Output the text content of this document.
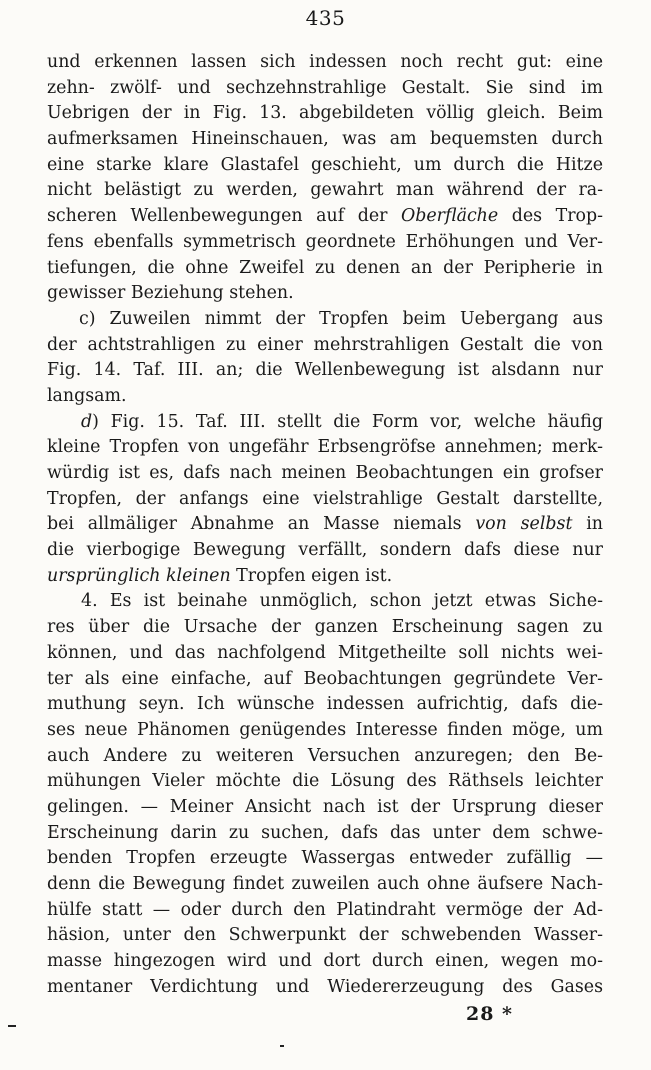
435
und erkennen lassen sich indessen noch recht gut: eine
zehn- zwölf- und sechzehnstrahlige Gestalt. Sie sind im
Uebrigen der in Fig. 13. abgebildeten völlig gleich. Beim
aufmerksamen Hineinschauen, was am bequemsten durch
eine starke klare Glastafel geschieht, um durch die Hitze
nicht belästigt zu werden, gewahrt man während der ra-
scheren Wellenbewegungen auf der Oberfläche des Trop-
fens ebenfalls symmetrisch geordnete Erhöhungen und Ver-
tiefungen, die ohne Zweifel zu denen an der Peripherie in
gewisser Beziehung stehen.
c) Zuweilen nimmt der Tropfen beim Uebergang aus
der achtstrahligen zu einer mehrstrahligen Gestalt die von
Fig. 14. Taf. III. an; die Wellenbewegung ist alsdann nur
langsam.
d) Fig. 15. Taf. III. stellt die Form vor, welche häufig
kleine Tropfen von ungefähr Erbsengröfse annehmen; merk-
würdig ist es, dafs nach meinen Beobachtungen ein grofser
Tropfen, der anfangs eine vielstrahlige Gestalt darstellte,
bei allmäliger Abnahme an Masse niemals von selbst in
die vierbogige Bewegung verfällt, sondern dafs diese nur
ursprünglich kleinen Tropfen eigen ist.
4. Es ist beinahe unmöglich, schon jetzt etwas Siche-
res über die Ursache der ganzen Erscheinung sagen zu
können, und das nachfolgend Mitgetheilte soll nichts wei-
ter als eine einfache, auf Beobachtungen gegründete Ver-
muthung seyn. Ich wünsche indessen aufrichtig, dafs die-
ses neue Phänomen genügendes Interesse finden möge, um
auch Andere zu weiteren Versuchen anzuregen; den Be-
mühungen Vieler möchte die Lösung des Räthsels leichter
gelingen. — Meiner Ansicht nach ist der Ursprung dieser
Erscheinung darin zu suchen, dafs das unter dem schwe-
benden Tropfen erzeugte Wassergas entweder zufällig —
denn die Bewegung findet zuweilen auch ohne äufsere Nach-
hülfe statt — oder durch den Platindraht vermöge der Ad-
häsion, unter den Schwerpunkt der schwebenden Wasser-
masse hingezogen wird und dort durch einen, wegen mo-
mentaner Verdichtung und Wiedererzeugung des Gases
28 *
